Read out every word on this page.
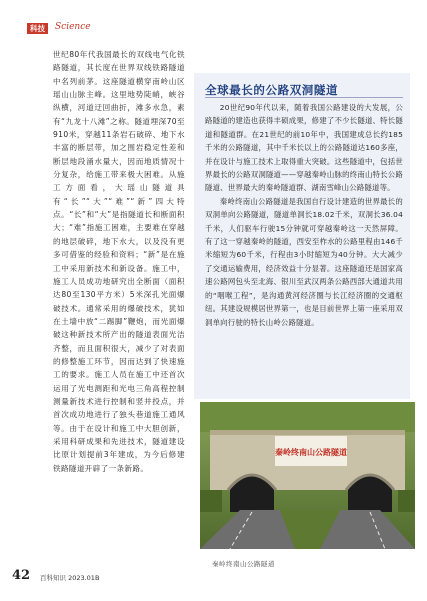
科技	Science

世纪80年代我国最长的双线电气化铁路隧道，其长度在世界双线铁路隧道中名列前茅。这座隧道横穿南岭山区瑶山山脉主峰。这里地势陡峭，峡谷纵横，河道迂回曲折，滩多水急，素有“九龙十八滩”之称。隧道埋深70至910米，穿越11条岩石破碎、地下水丰富的断层带，加之围岩稳定性差和断层地段涌水量大，因而地质情况十分复杂，给施工带来极大困难。从施工方面看，大瑶山隧道具有“长”“大”“难”“新”四大特点。“长”和“大”是指隧道长和断面积大；“难”指施工困难，主要难在穿越的地层破碎，地下水大，以及没有更多可借鉴的经验和资料；“新”是在施工中采用新技术和新设备。施工中，施工人员成功地研究出全断面（面积达80至130平方米）5米深孔光面爆破技术。通常采用的爆破技术，犹如在土墙中放“二踢脚”鞭炮，而光面爆破这种新技术所产出的隧道表面光洁齐整，而且面积很大，减少了对表面的修整施工环节，因而达到了快速施工的要求。施工人员在施工中还首次运用了光电测距和光电三角高程控制测量新技术进行控制和竖井投点，并首次成功地进行了独头巷道施工通风等。由于在设计和施工中大胆创新，采用科研成果和先进技术，隧道建设比原计划提前3年建成，为今后修建铁路隧道开辟了一条新路。

全球最长的公路双洞隧道

20世纪90年代以来，随着我国公路建设的大发展，公路隧道的建造也获得丰硕成果，修建了不少长隧道、特长隧道和隧道群。在21世纪的前10年中，我国建成总长约185千米的公路隧道，其中千米长以上的公路隧道达160多座，并在设计与施工技术上取得重大突破。这些隧道中，包括世界最长的公路双洞隧道——穿越秦岭山脉的终南山特长公路隧道、世界最大的秦岭隧道群、湖南雪峰山公路隧道等。

秦岭终南山公路隧道是我国自行设计建造的世界最长的双洞单向公路隧道，隧道单洞长18.02千米，双洞长36.04千米，人们驱车行驶15分钟就可穿越秦岭这一天然屏障。有了这一穿越秦岭的隧道，西安至柞水的公路里程由146千米缩短为60千米，行程由3小时缩短为40分钟。大大减少了交通运输费用，经济效益十分显著。这座隧道还是国家高速公路网包头至北海、银川至武汉两条公路西部大通道共用的“咽喉工程”，是沟通黄河经济圈与长江经济圈的交通枢纽。其建设规模居世界第一，也是目前世界上第一座采用双洞单向行驶的特长山岭公路隧道。

秦岭终南山公路隧道
秦岭终南山公路隧道
42 百科知识 2023.01B
